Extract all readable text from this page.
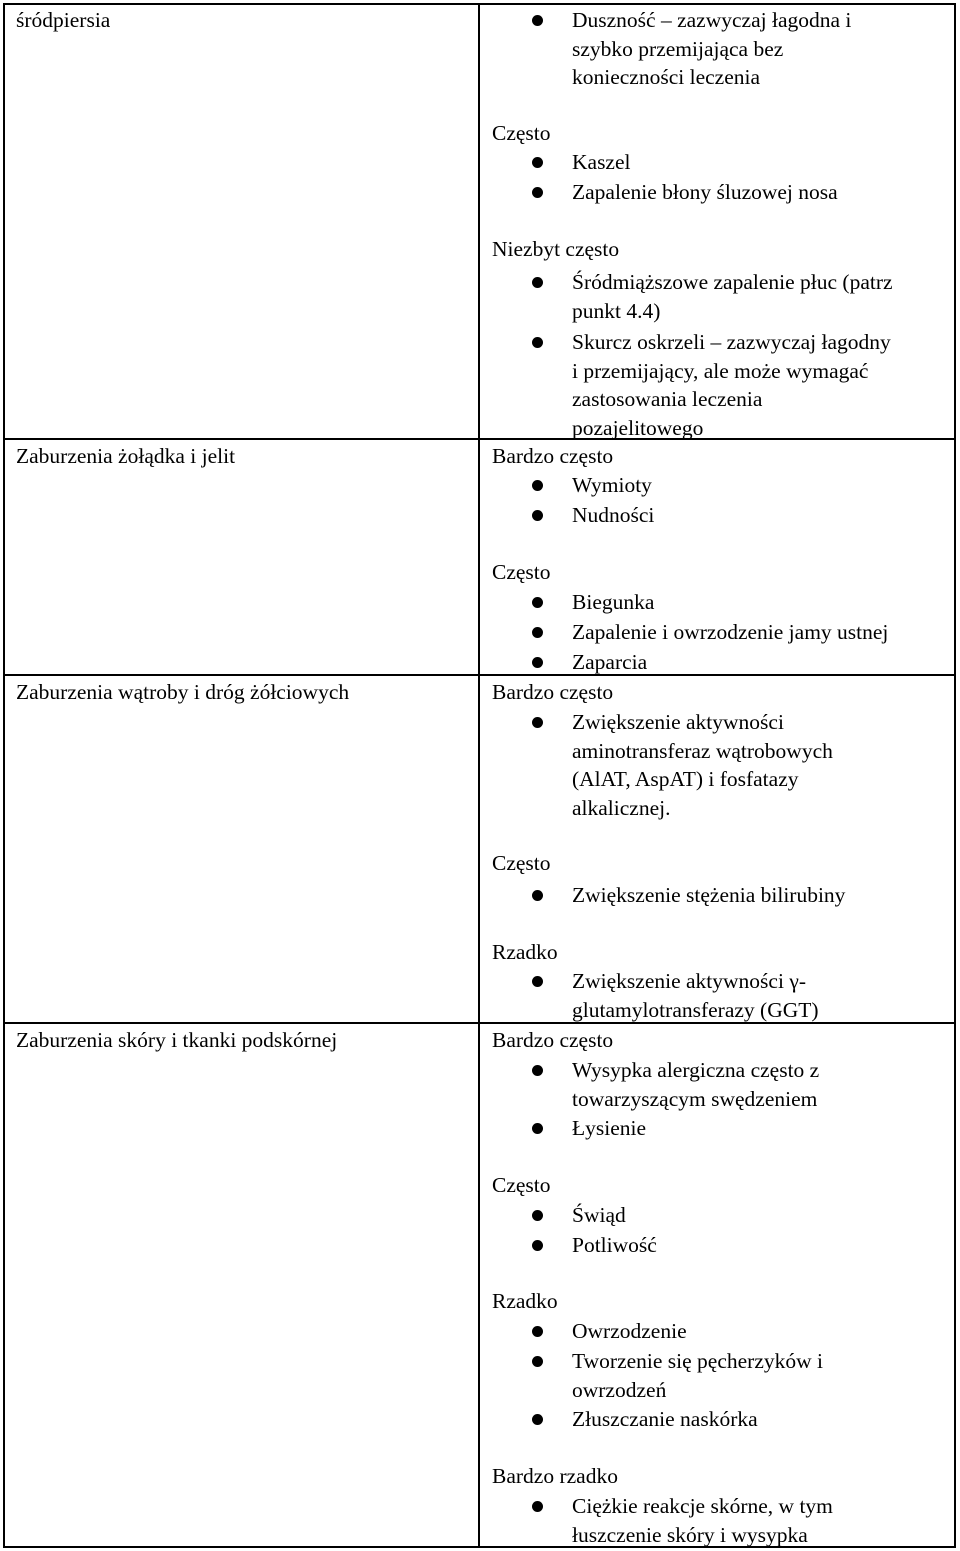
śródpiersia	Duszność – zazwyczaj łagodna i
szybko przemijająca bez
konieczności leczenia
Często
Kaszel
Zapalenie błony śluzowej nosa
Niezbyt często
Śródmiąższowe zapalenie płuc (patrz
punkt 4.4)
Skurcz oskrzeli – zazwyczaj łagodny
i przemijający, ale może wymagać
zastosowania leczenia
pozajelitowego
Zaburzenia żołądka i jelit	Bardzo często
Wymioty
Nudności
Często
Biegunka
Zapalenie i owrzodzenie jamy ustnej
Zaparcia
Zaburzenia wątroby i dróg żółciowych	Bardzo często
Zwiększenie aktywności
aminotransferaz wątrobowych
(AlAT, AspAT) i fosfatazy
alkalicznej.
Często
Zwiększenie stężenia bilirubiny
Rzadko
Zwiększenie aktywności γ-
glutamylotransferazy (GGT)
Zaburzenia skóry i tkanki podskórnej	Bardzo często
Wysypka alergiczna często z
towarzyszącym swędzeniem
Łysienie
Często
Świąd
Potliwość
Rzadko
Owrzodzenie
Tworzenie się pęcherzyków i
owrzodzeń
Złuszczanie naskórka
Bardzo rzadko
Ciężkie reakcje skórne, w tym
łuszczenie skóry i wysypka
